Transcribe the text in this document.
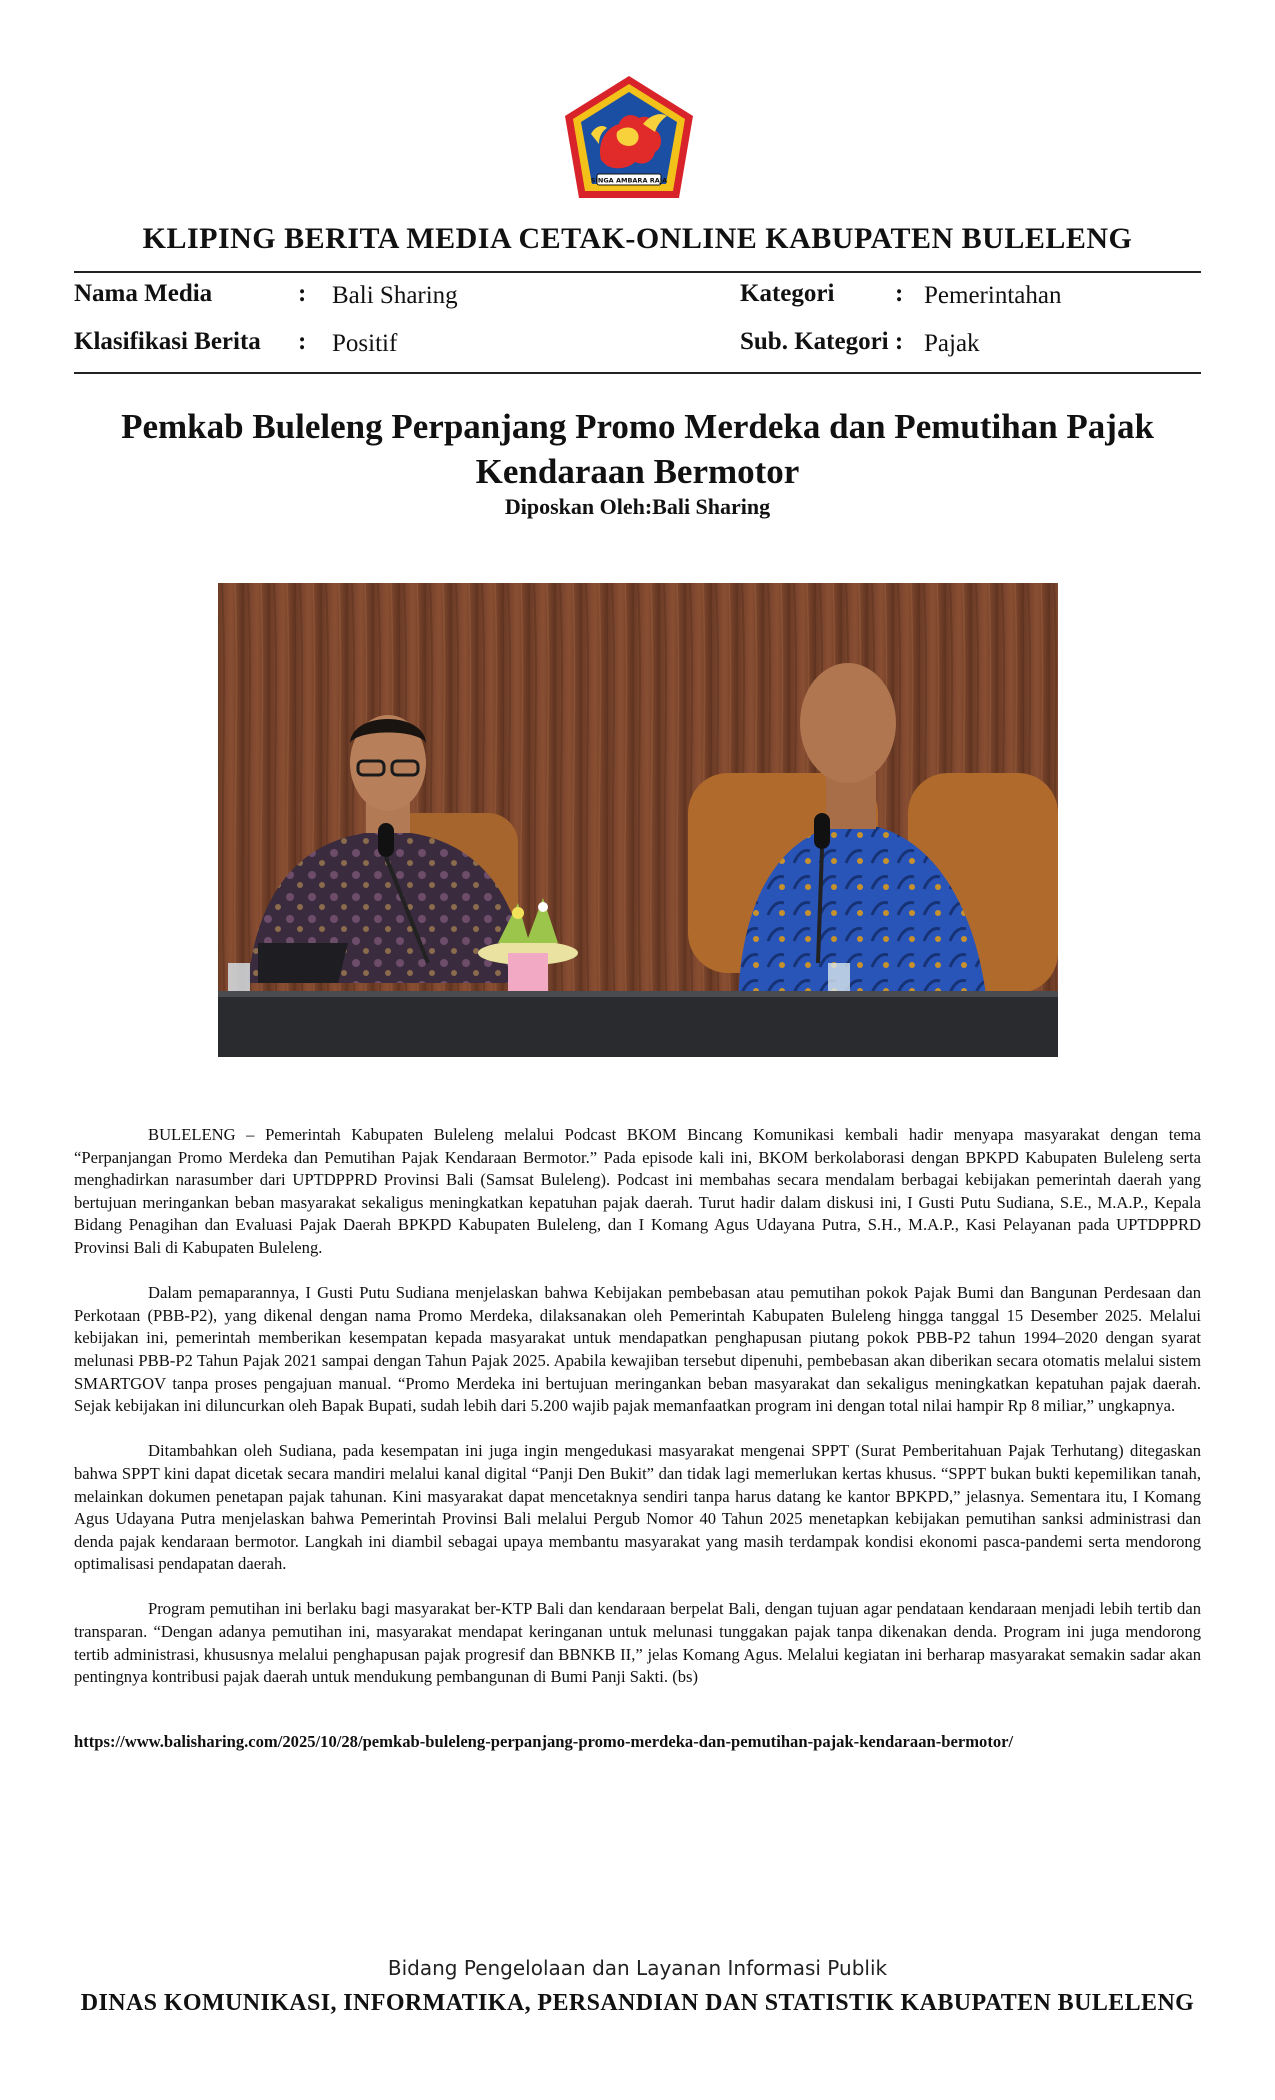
SINGA AMBARA RAJA
KLIPING BERITA MEDIA CETAK-ONLINE KABUPATEN BULELENG
Nama Media	: Bali Sharing	Kategori : Pemerintahan
Klasifikasi Berita : Positif	Sub. Kategori : Pajak
Pemkab Buleleng Perpanjang Promo Merdeka dan Pemutihan Pajak Kendaraan Bermotor
Diposkan Oleh:Bali Sharing

BULELENG – Pemerintah Kabupaten Buleleng melalui Podcast BKOM Bincang Komunikasi kembali hadir menyapa masyarakat dengan tema “Perpanjangan Promo Merdeka dan Pemutihan Pajak Kendaraan Bermotor.” Pada episode kali ini, BKOM berkolaborasi dengan BPKPD Kabupaten Buleleng serta menghadirkan narasumber dari UPTDPPRD Provinsi Bali (Samsat Buleleng). Podcast ini membahas secara mendalam berbagai kebijakan pemerintah daerah yang bertujuan meringankan beban masyarakat sekaligus meningkatkan kepatuhan pajak daerah. Turut hadir dalam diskusi ini, I Gusti Putu Sudiana, S.E., M.A.P., Kepala Bidang Penagihan dan Evaluasi Pajak Daerah BPKPD Kabupaten Buleleng, dan I Komang Agus Udayana Putra, S.H., M.A.P., Kasi Pelayanan pada UPTDPPRD Provinsi Bali di Kabupaten Buleleng.

Dalam pemaparannya, I Gusti Putu Sudiana menjelaskan bahwa Kebijakan pembebasan atau pemutihan pokok Pajak Bumi dan Bangunan Perdesaan dan Perkotaan (PBB-P2), yang dikenal dengan nama Promo Merdeka, dilaksanakan oleh Pemerintah Kabupaten Buleleng hingga tanggal 15 Desember 2025. Melalui kebijakan ini, pemerintah memberikan kesempatan kepada masyarakat untuk mendapatkan penghapusan piutang pokok PBB-P2 tahun 1994–2020 dengan syarat melunasi PBB-P2 Tahun Pajak 2021 sampai dengan Tahun Pajak 2025. Apabila kewajiban tersebut dipenuhi, pembebasan akan diberikan secara otomatis melalui sistem SMARTGOV tanpa proses pengajuan manual. “Promo Merdeka ini bertujuan meringankan beban masyarakat dan sekaligus meningkatkan kepatuhan pajak daerah. Sejak kebijakan ini diluncurkan oleh Bapak Bupati, sudah lebih dari 5.200 wajib pajak memanfaatkan program ini dengan total nilai hampir Rp 8 miliar,” ungkapnya.

Ditambahkan oleh Sudiana, pada kesempatan ini juga ingin mengedukasi masyarakat mengenai SPPT (Surat Pemberitahuan Pajak Terhutang) ditegaskan bahwa SPPT kini dapat dicetak secara mandiri melalui kanal digital “Panji Den Bukit” dan tidak lagi memerlukan kertas khusus. “SPPT bukan bukti kepemilikan tanah, melainkan dokumen penetapan pajak tahunan. Kini masyarakat dapat mencetaknya sendiri tanpa harus datang ke kantor BPKPD,” jelasnya. Sementara itu, I Komang Agus Udayana Putra menjelaskan bahwa Pemerintah Provinsi Bali melalui Pergub Nomor 40 Tahun 2025 menetapkan kebijakan pemutihan sanksi administrasi dan denda pajak kendaraan bermotor. Langkah ini diambil sebagai upaya membantu masyarakat yang masih terdampak kondisi ekonomi pasca-pandemi serta mendorong optimalisasi pendapatan daerah.

Program pemutihan ini berlaku bagi masyarakat ber-KTP Bali dan kendaraan berpelat Bali, dengan tujuan agar pendataan kendaraan menjadi lebih tertib dan transparan. “Dengan adanya pemutihan ini, masyarakat mendapat keringanan untuk melunasi tunggakan pajak tanpa dikenakan denda. Program ini juga mendorong tertib administrasi, khususnya melalui penghapusan pajak progresif dan BBNKB II,” jelas Komang Agus. Melalui kegiatan ini berharap masyarakat semakin sadar akan pentingnya kontribusi pajak daerah untuk mendukung pembangunan di Bumi Panji Sakti. (bs)

https://www.balisharing.com/2025/10/28/pemkab-buleleng-perpanjang-promo-merdeka-dan-pemutihan-pajak-kendaraan-bermotor/
Bidang Pengelolaan dan Layanan Informasi Publik
DINAS KOMUNIKASI, INFORMATIKA, PERSANDIAN DAN STATISTIK KABUPATEN BULELENG
